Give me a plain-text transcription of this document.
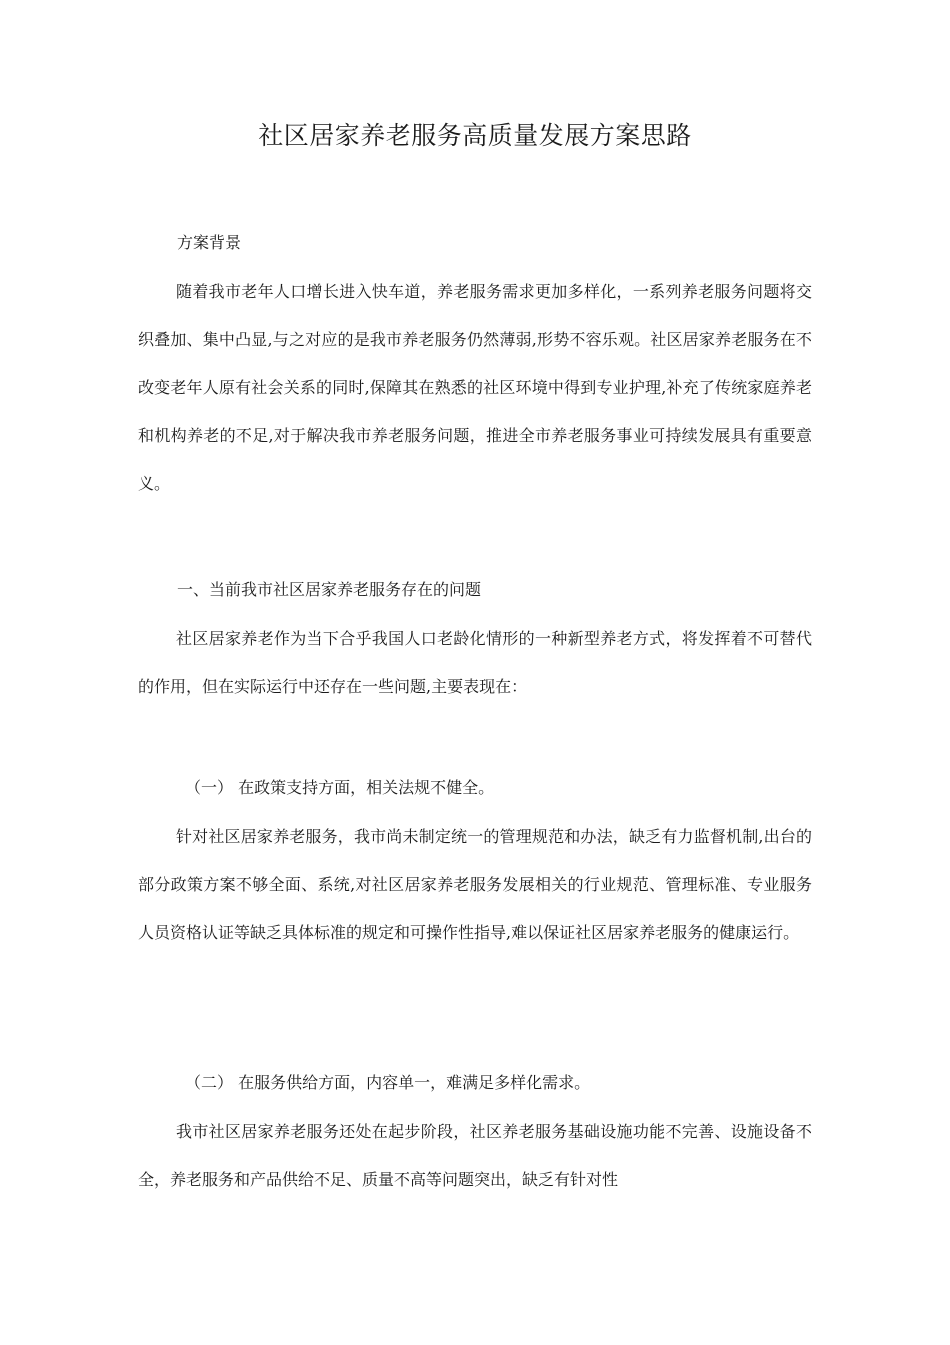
社区居家养老服务高质量发展方案思路

方案背景

随着我市老年人口增长进入快车道，养老服务需求更加多样化，一系列养老服务问题将交织叠加、集中凸显,与之对应的是我市养老服务仍然薄弱,形势不容乐观。社区居家养老服务在不改变老年人原有社会关系的同时,保障其在熟悉的社区环境中得到专业护理,补充了传统家庭养老和机构养老的不足,对于解决我市养老服务问题，推进全市养老服务事业可持续发展具有重要意义。

一、当前我市社区居家养老服务存在的问题

社区居家养老作为当下合乎我国人口老龄化情形的一种新型养老方式，将发挥着不可替代的作用，但在实际运行中还存在一些问题,主要表现在：

（一） 在政策支持方面，相关法规不健全。

针对社区居家养老服务，我市尚未制定统一的管理规范和办法，缺乏有力监督机制,出台的部分政策方案不够全面、系统,对社区居家养老服务发展相关的行业规范、管理标准、专业服务人员资格认证等缺乏具体标准的规定和可操作性指导,难以保证社区居家养老服务的健康运行。

（二） 在服务供给方面，内容单一，难满足多样化需求。

我市社区居家养老服务还处在起步阶段，社区养老服务基础设施功能不完善、设施设备不全，养老服务和产品供给不足、质量不高等问题突出，缺乏有针对性
